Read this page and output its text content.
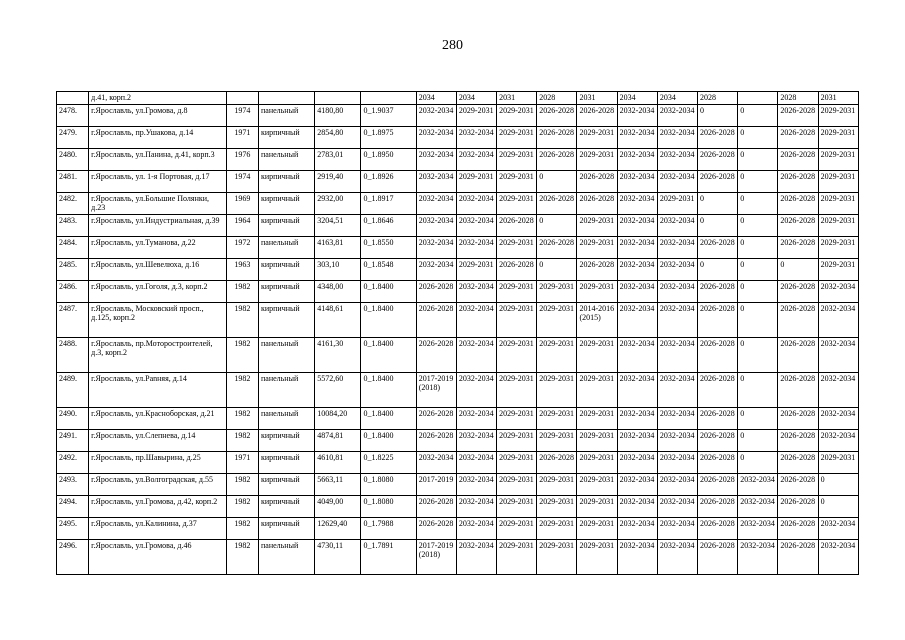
280
	д.41, корп.2					2034	2034	2031	2028	2031	2034	2034	2028		2028	2031
2478.	г.Ярославль, ул.Громова, д.8	1974	панельный	4180,80	0_1.9037	2032-2034	2029-2031	2029-2031	2026-2028	2026-2028	2032-2034	2032-2034	0	0	2026-2028	2029-2031
2479.	г.Ярославль, пр.Ушакова, д.14	1971	кирпичный	2854,80	0_1.8975	2032-2034	2032-2034	2029-2031	2026-2028	2029-2031	2032-2034	2032-2034	2026-2028	0	2026-2028	2029-2031
2480.	г.Ярославль, ул.Панина, д.41, корп.3	1976	панельный	2783,01	0_1.8950	2032-2034	2032-2034	2029-2031	2026-2028	2029-2031	2032-2034	2032-2034	2026-2028	0	2026-2028	2029-2031
2481.	г.Ярославль, ул. 1-я Портовая, д.17	1974	кирпичный	2919,40	0_1.8926	2032-2034	2029-2031	2029-2031	0	2026-2028	2032-2034	2032-2034	2026-2028	0	2026-2028	2029-2031
2482.	г.Ярославль, ул.Большие Полянки, д.23	1969	кирпичный	2932,00	0_1.8917	2032-2034	2032-2034	2029-2031	2026-2028	2026-2028	2032-2034	2029-2031	0	0	2026-2028	2029-2031
2483.	г.Ярославль, ул.Индустриальная, д.39	1964	кирпичный	3204,51	0_1.8646	2032-2034	2032-2034	2026-2028	0	2029-2031	2032-2034	2032-2034	0	0	2026-2028	2029-2031
2484.	г.Ярославль, ул.Туманова, д.22	1972	панельный	4163,81	0_1.8550	2032-2034	2032-2034	2029-2031	2026-2028	2029-2031	2032-2034	2032-2034	2026-2028	0	2026-2028	2029-2031
2485.	г.Ярославль, ул.Шевелюха, д.16	1963	кирпичный	303,10	0_1.8548	2032-2034	2029-2031	2026-2028	0	2026-2028	2032-2034	2032-2034	0	0	0	2029-2031
2486.	г.Ярославль, ул.Гоголя, д.3, корп.2	1982	кирпичный	4348,00	0_1.8400	2026-2028	2032-2034	2029-2031	2029-2031	2029-2031	2032-2034	2032-2034	2026-2028	0	2026-2028	2032-2034
2487.	г.Ярославль, Московский просп., д.125, корп.2	1982	кирпичный	4148,61	0_1.8400	2026-2028	2032-2034	2029-2031	2029-2031	2014-2016 (2015)	2032-2034	2032-2034	2026-2028	0	2026-2028	2032-2034
2488.	г.Ярославль, пр.Моторостроителей, д.3, корп.2	1982	панельный	4161,30	0_1.8400	2026-2028	2032-2034	2029-2031	2029-2031	2029-2031	2032-2034	2032-2034	2026-2028	0	2026-2028	2032-2034
2489.	г.Ярославль, ул.Panняя, д.14	1982	панельный	5572,60	0_1.8400	2017-2019 (2018)	2032-2034	2029-2031	2029-2031	2029-2031	2032-2034	2032-2034	2026-2028	0	2026-2028	2032-2034
2490.	г.Ярославль, ул.Красноборская, д.21	1982	панельный	10084,20	0_1.8400	2026-2028	2032-2034	2029-2031	2029-2031	2029-2031	2032-2034	2032-2034	2026-2028	0	2026-2028	2032-2034
2491.	г.Ярославль, ул.Слепнева, д.14	1982	кирпичный	4874,81	0_1.8400	2026-2028	2032-2034	2029-2031	2029-2031	2029-2031	2032-2034	2032-2034	2026-2028	0	2026-2028	2032-2034
2492.	г.Ярославль, пр.Шавырина, д.25	1971	кирпичный	4610,81	0_1.8225	2032-2034	2032-2034	2029-2031	2026-2028	2029-2031	2032-2034	2032-2034	2026-2028	0	2026-2028	2029-2031
2493.	г.Ярославль, ул.Волгоградская, д.55	1982	кирпичный	5663,11	0_1.8080	2017-2019	2032-2034	2029-2031	2029-2031	2029-2031	2032-2034	2032-2034	2026-2028	2032-2034	2026-2028	0
2494.	г.Ярославль, ул.Громова, д.42, корп.2	1982	кирпичный	4049,00	0_1.8080	2026-2028	2032-2034	2029-2031	2029-2031	2029-2031	2032-2034	2032-2034	2026-2028	2032-2034	2026-2028	0
2495.	г.Ярославль, ул.Калинина, д.37	1982	кирпичный	12629,40	0_1.7988	2026-2028	2032-2034	2029-2031	2029-2031	2029-2031	2032-2034	2032-2034	2026-2028	2032-2034	2026-2028	2032-2034
2496.	г.Ярославль, ул.Громова, д.46	1982	панельный	4730,11	0_1.7891	2017-2019 (2018)	2032-2034	2029-2031	2029-2031	2029-2031	2032-2034	2032-2034	2026-2028	2032-2034	2026-2028	2032-2034
